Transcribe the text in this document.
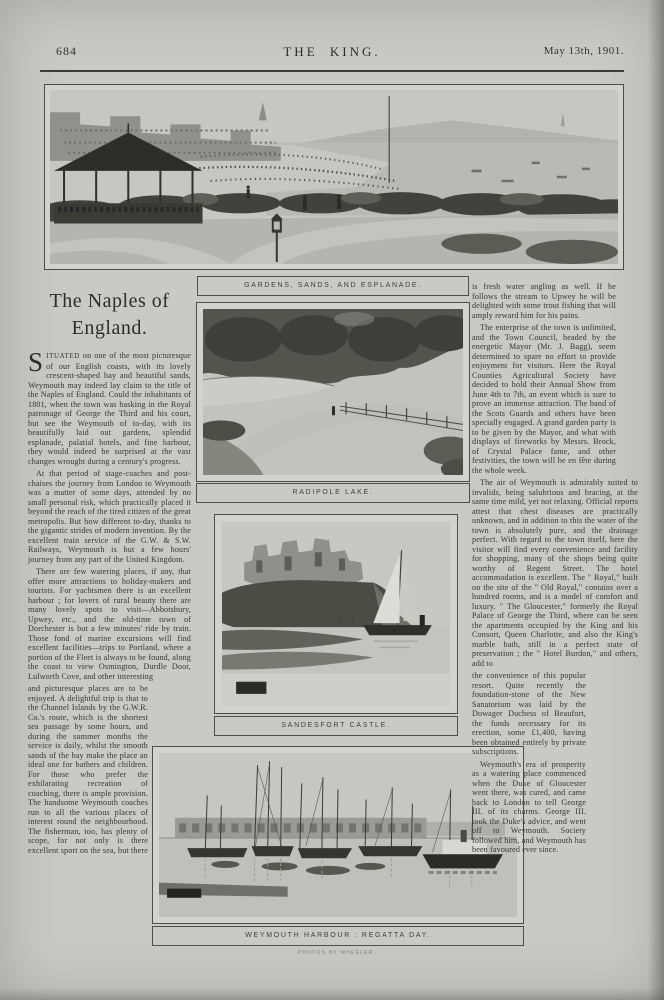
684	THE KING.	May 13th, 1901.
GARDENS, SANDS, AND ESPLANADE.
RADIPOLE LAKE.
SANDESFORT CASTLE.
WEYMOUTH HARBOUR : REGATTA DAY.
PHOTOS BY WHEELER.
The Naples of
England.

SITUATED on one of the most picturesque of our English coasts, with its lovely crescent-shaped bay and beautiful sands, Weymouth may indeed lay claim to the title of the Naples of England. Could the inhabitants of 1801, when the town was basking in the Royal patronage of George the Third and his court, but see the Weymouth of to-day, with its beautifully laid out gardens, splendid esplanade, palatial hotels, and fine harbour, they would indeed be surprised at the vast changes wrought during a century's progress.

At that period of stage-coaches and post-chaises the journey from London to Weymouth was a matter of some days, attended by no small personal risk, which practically placed it beyond the reach of the tired citizen of the great metropolis. But how different to-day, thanks to the gigantic strides of modern invention. By the excellent train service of the G.W. & S.W. Railways, Weymouth is but a few hours' journey from any part of the United Kingdom.

There are few watering places, if any, that offer more attractions to holiday-makers and tourists. For yachtsmen there is an excellent harbour ; for lovers of rural beauty there are many lovely spots to visit—Abbotsbury, Upwey, etc., and the old-time town of Dorchester is but a few minutes' ride by train. Those fond of marine excursions will find excellent facilities—trips to Portland, where a portion of the Fleet is always to be found, along the coast to view Osmington, Durdle Door, Lulworth Cove, and other interesting

and picturesque places are to be enjoyed. A delightful trip is that to the Channel Islands by the G.W.R. Co.'s route, which is the shortest sea passage by some hours, and during the summer months the service is daily, whilst the smooth sands of the bay make the place an ideal one for bathers and children. For those who prefer the exhilarating recreation of coaching, there is ample provision. The handsome Weymouth coaches run to all the various places of interest round the neighbourhood. The fisherman, too, has plenty of scope, for not only is there excellent sport on the sea, but there

is fresh water angling as well. If he follows the stream to Upwey he will be delighted with some trout fishing that will amply reward him for his pains.

The enterprise of the town is unlimited, and the Town Council, headed by the energetic Mayor (Mr. J. Bagg), seem determined to spare no effort to provide enjoyment for visitors. Here the Royal Counties Agricultural Society have decided to hold their Annual Show from June 4th to 7th, an event which is sure to prove an immense attraction. The band of the Scots Guards and others have been specially engaged. A grand garden party is to be given by the Mayor, and what with displays of fireworks by Messrs. Brock, of Crystal Palace fame, and other festivities, the town will be en fête during the whole week.

The air of Weymouth is admirably suited to invalids, being salubrious and bracing, at the same time mild, yet not relaxing. Official reports attest that chest diseases are practically unknown, and in addition to this the water of the town is absolutely pure, and the drainage perfect. With regard to the town itself, here the visitor will find every convenience and facility for shopping, many of the shops being quite worthy of Regent Street. The hotel accommodation is excellent. The " Royal," built on the site of the " Old Royal," contains over a hundred rooms, and is a model of comfort and luxury. " The Gloucester," formerly the Royal Palace of George the Third, where can be seen the apartments occupied by the King and his Consort, Queen Charlotte, and also the King's marble bath, still in a perfect state of preservation ; the " Hotel Burdon," and others, add to

the convenience of this popular resort. Quite recently the foundation-stone of the New Sanatorium was laid by the Dowager Duchess of Beaufort, the funds necessary for its erection, some £1,400, having been obtained entirely by private subscriptions.

Weymouth's era of prosperity as a watering place commenced when the Duke of Gloucester went there, was cured, and came back to London to tell George III. of its charms. George III. took the Duke's advice, and went off to Weymouth. Society followed him, and Weymouth has been favoured ever since.
